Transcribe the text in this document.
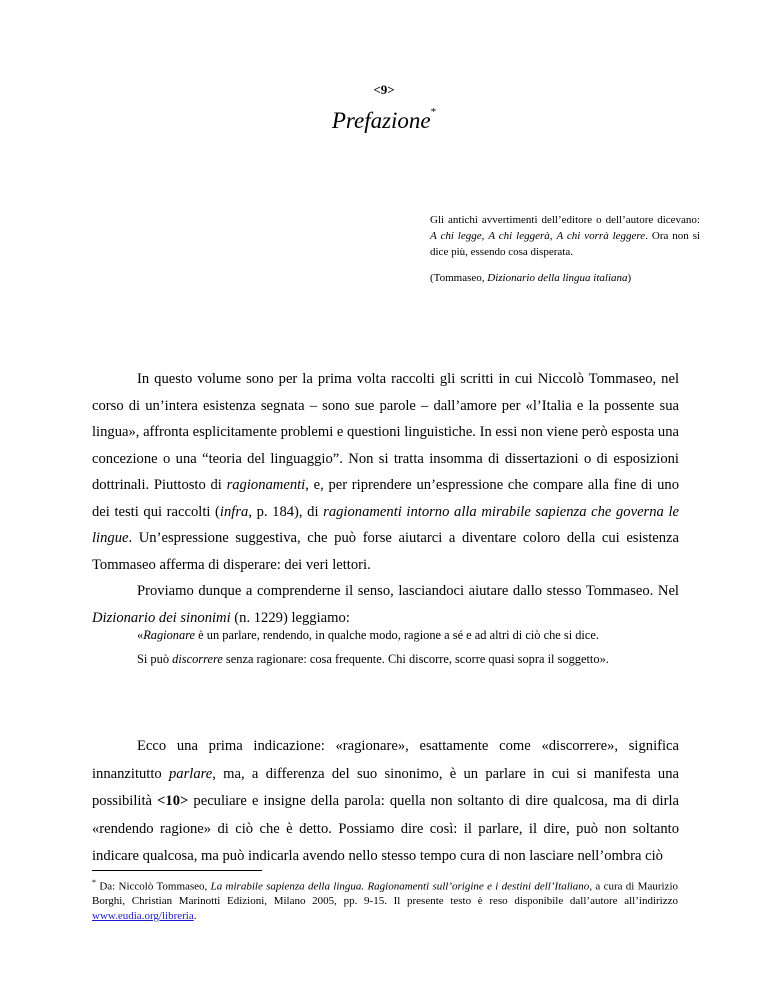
<9>
Prefazione*

Gli antichi avvertimenti dell’editore o dell’autore dicevano: A chi legge, A chi leggerà, A chi vorrà leggere. Ora non si dice più, essendo cosa disperata.

(Tommaseo, Dizionario della lingua italiana)

In questo volume sono per la prima volta raccolti gli scritti in cui Niccolò Tommaseo, nel corso di un’intera esistenza segnata – sono sue parole – dall’amore per «l’Italia e la possente sua lingua», affronta esplicitamente problemi e questioni linguistiche. In essi non viene però esposta una concezione o una “teoria del linguaggio”. Non si tratta insomma di dissertazioni o di esposizioni dottrinali. Piuttosto di ragionamenti, e, per riprendere un’espressione che compare alla fine di uno dei testi qui raccolti (infra, p. 184), di ragionamenti intorno alla mirabile sapienza che governa le lingue. Un’espressione suggestiva, che può forse aiutarci a diventare coloro della cui esistenza Tommaseo afferma di disperare: dei veri lettori.

Proviamo dunque a comprenderne il senso, lasciandoci aiutare dallo stesso Tommaseo. Nel Dizionario dei sinonimi (n. 1229) leggiamo:

«Ragionare è un parlare, rendendo, in qualche modo, ragione a sé e ad altri di ciò che si dice.

Si può discorrere senza ragionare: cosa frequente. Chi discorre, scorre quasi sopra il soggetto».

Ecco una prima indicazione: «ragionare», esattamente come «discorrere», significa innanzitutto parlare, ma, a differenza del suo sinonimo, è un parlare in cui si manifesta una possibilità <10> peculiare e insigne della parola: quella non soltanto di dire qualcosa, ma di dirla «rendendo ragione» di ciò che è detto. Possiamo dire così: il parlare, il dire, può non soltanto indicare qualcosa, ma può indicarla avendo nello stesso tempo cura di non lasciare nell’ombra ciò

* Da: Niccolò Tommaseo, La mirabile sapienza della lingua. Ragionamenti sull’origine e i destini dell’Italiano, a cura di Maurizio Borghi, Christian Marinotti Edizioni, Milano 2005, pp. 9-15. Il presente testo è reso disponibile dall’autore all’indirizzo www.eudia.org/libreria.
